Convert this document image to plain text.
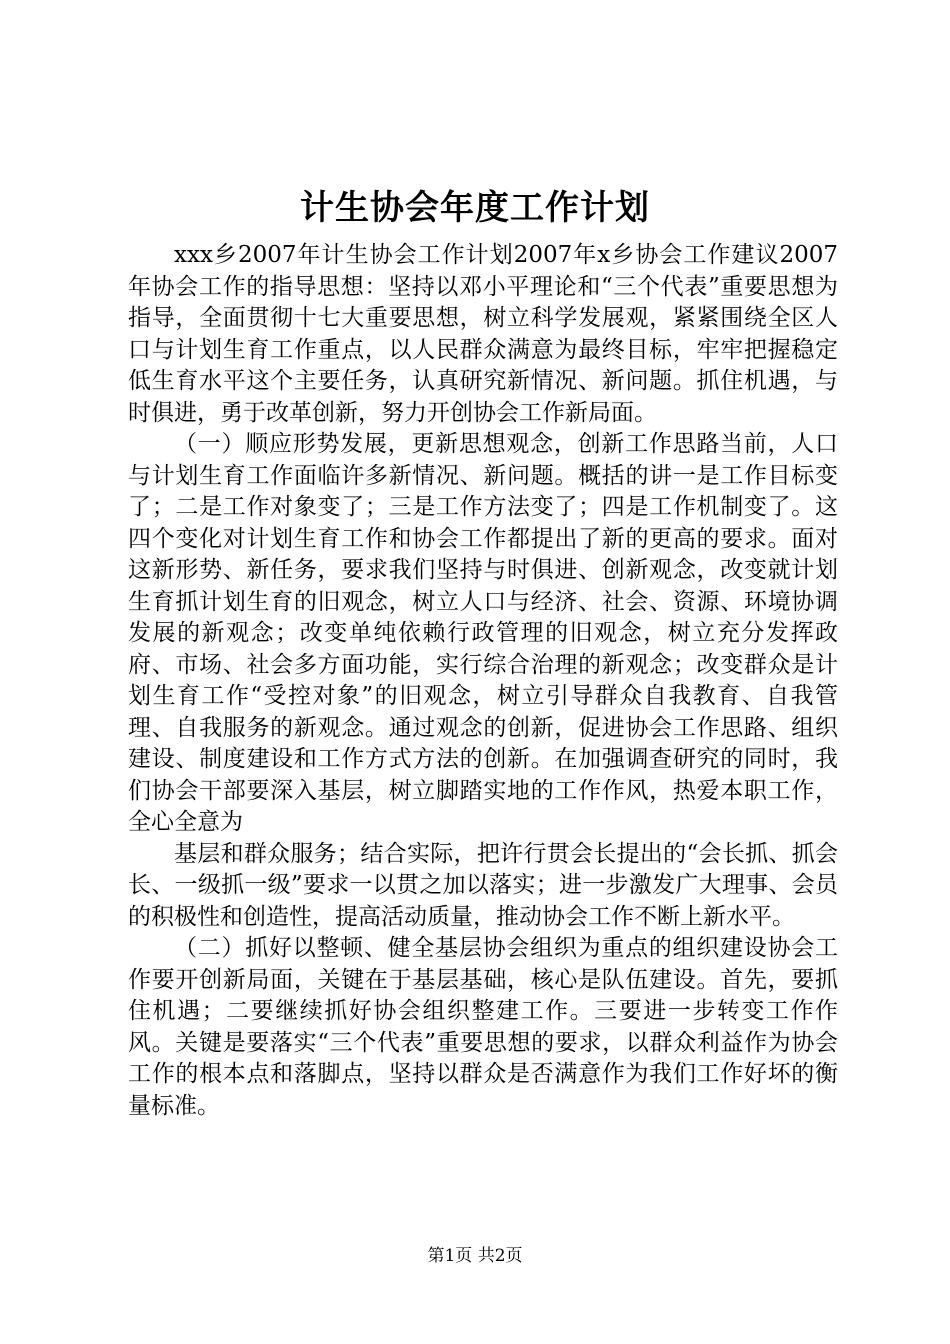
计生协会年度工作计划

xxx乡2007年计生协会工作计划2007年x乡协会工作建议2007年协会工作的指导思想：坚持以邓小平理论和“三个代表”重要思想为指导，全面贯彻十七大重要思想，树立科学发展观，紧紧围绕全区人口与计划生育工作重点，以人民群众满意为最终目标，牢牢把握稳定低生育水平这个主要任务，认真研究新情况、新问题。抓住机遇，与时俱进，勇于改革创新，努力开创协会工作新局面。

（一）顺应形势发展，更新思想观念，创新工作思路当前，人口与计划生育工作面临许多新情况、新问题。概括的讲一是工作目标变了；二是工作对象变了；三是工作方法变了；四是工作机制变了。这四个变化对计划生育工作和协会工作都提出了新的更高的要求。面对这新形势、新任务，要求我们坚持与时俱进、创新观念，改变就计划生育抓计划生育的旧观念，树立人口与经济、社会、资源、环境协调发展的新观念；改变单纯依赖行政管理的旧观念，树立充分发挥政府、市场、社会多方面功能，实行综合治理的新观念；改变群众是计划生育工作“受控对象”的旧观念，树立引导群众自我教育、自我管理、自我服务的新观念。通过观念的创新，促进协会工作思路、组织建设、制度建设和工作方式方法的创新。在加强调查研究的同时，我们协会干部要深入基层，树立脚踏实地的工作作风，热爱本职工作，全心全意为

基层和群众服务；结合实际，把许行贯会长提出的“会长抓、抓会长、一级抓一级”要求一以贯之加以落实；进一步激发广大理事、会员的积极性和创造性，提高活动质量，推动协会工作不断上新水平。

（二）抓好以整顿、健全基层协会组织为重点的组织建设协会工作要开创新局面，关键在于基层基础，核心是队伍建设。首先，要抓住机遇；二要继续抓好协会组织整建工作。三要进一步转变工作作风。关键是要落实“三个代表”重要思想的要求，以群众利益作为协会工作的根本点和落脚点，坚持以群众是否满意作为我们工作好坏的衡量标准。

第1页 共2页
